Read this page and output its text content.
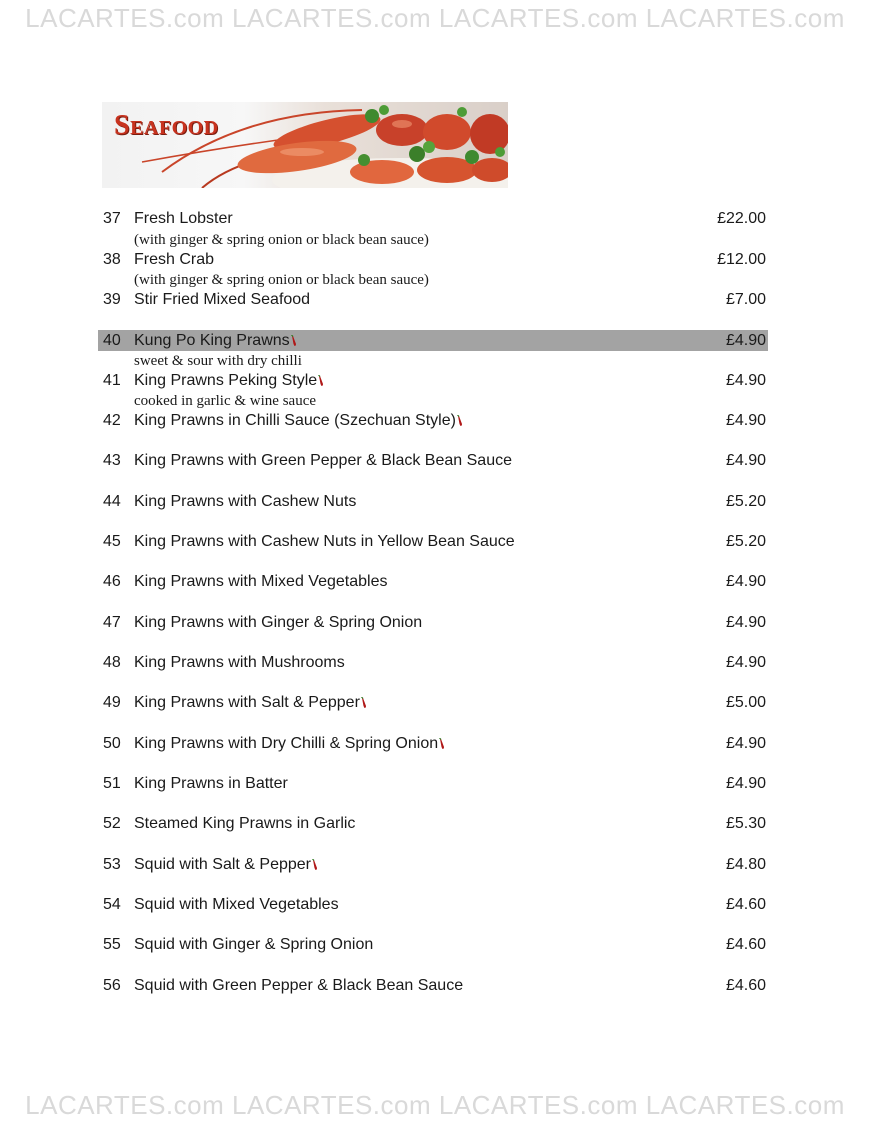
LACARTES.com LACARTES.com LACARTES.com LACARTES.com
Seafood
37 Fresh Lobster	£22.00
(with ginger & spring onion or black bean sauce)
38 Fresh Crab	£12.00
(with ginger & spring onion or black bean sauce)
39 Stir Fried Mixed Seafood	£7.00
40 Kung Po King Prawns	£4.90
sweet & sour with dry chilli
41 King Prawns Peking Style	£4.90
cooked in garlic & wine sauce
42 King Prawns in Chilli Sauce (Szechuan Style)	£4.90
43 King Prawns with Green Pepper & Black Bean Sauce	£4.90
44 King Prawns with Cashew Nuts	£5.20
45 King Prawns with Cashew Nuts in Yellow Bean Sauce	£5.20
46 King Prawns with Mixed Vegetables	£4.90
47 King Prawns with Ginger & Spring Onion	£4.90
48 King Prawns with Mushrooms	£4.90
49 King Prawns with Salt & Pepper	£5.00
50 King Prawns with Dry Chilli & Spring Onion	£4.90
51 King Prawns in Batter	£4.90
52 Steamed King Prawns in Garlic	£5.30
53 Squid with Salt & Pepper	£4.80
54 Squid with Mixed Vegetables	£4.60
55 Squid with Ginger & Spring Onion	£4.60
56 Squid with Green Pepper & Black Bean Sauce	£4.60
LACARTES.com LACARTES.com LACARTES.com LACARTES.com
